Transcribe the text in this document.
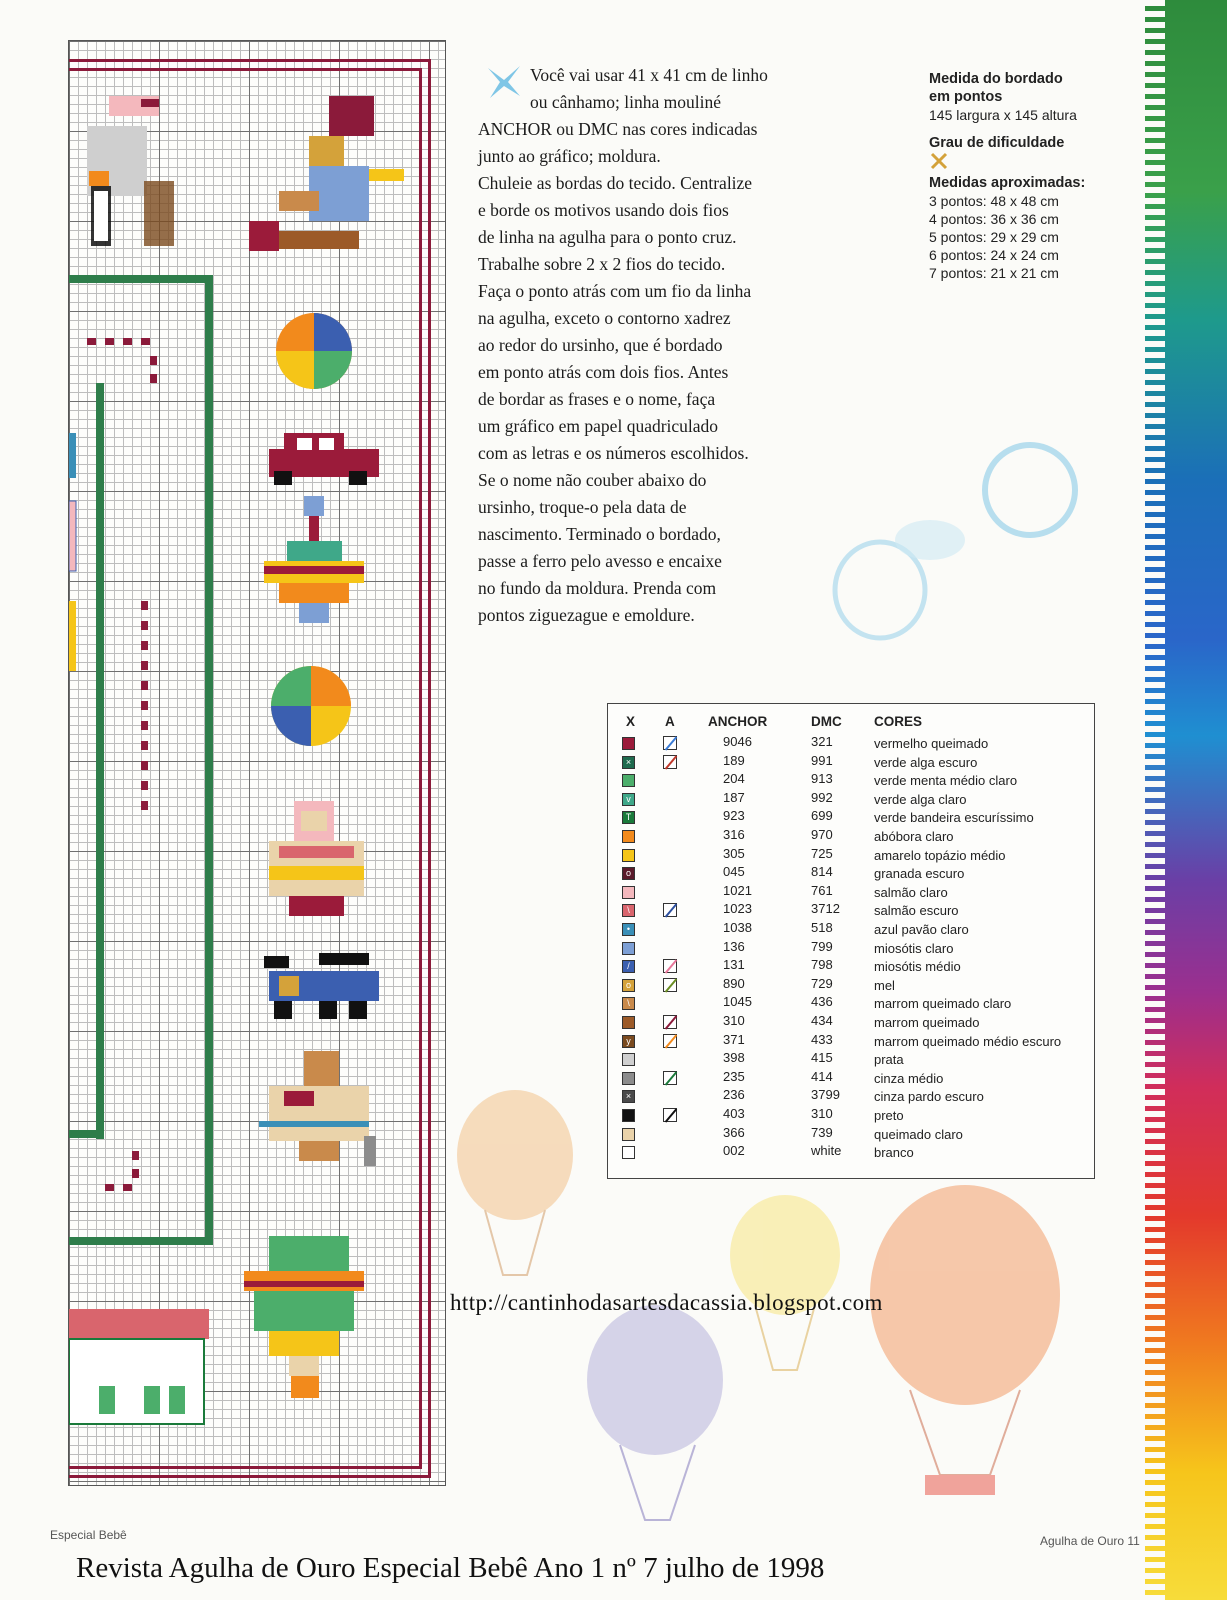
Você vai usar 41 x 41 cm de linho

ou cânhamo; linha mouliné

ANCHOR ou DMC nas cores indicadas

junto ao gráfico; moldura.

Chuleie as bordas do tecido. Centralize

e borde os motivos usando dois fios

de linha na agulha para o ponto cruz.

Trabalhe sobre 2 x 2 fios do tecido.

Faça o ponto atrás com um fio da linha

na agulha, exceto o contorno xadrez

ao redor do ursinho, que é bordado

em ponto atrás com dois fios. Antes

de bordar as frases e o nome, faça

um gráfico em papel quadriculado

com as letras e os números escolhidos.

Se o nome não couber abaixo do

ursinho, troque-o pela data de

nascimento. Terminado o bordado,

passe a ferro pelo avesso e encaixe

no fundo da moldura. Prenda com

pontos ziguezague e emoldure.

Medida do bordado
em pontos
145 largura x 145 altura
Grau de dificuldade
Medidas aproximadas:
3 pontos: 48 x 48 cm
4 pontos: 36 x 36 cm
5 pontos: 29 x 29 cm
6 pontos: 24 x 24 cm
7 pontos: 21 x 21 cm
X A ANCHOR	DMC CORES
9046	321	vermelho queimado
×	189	991	verde alga escuro
204	913	verde menta médio claro
v	187	992	verde alga claro
T	923	699	verde bandeira escuríssimo
316	970	abóbora claro
305	725	amarelo topázio médio
o	045	814	granada escuro
1021	761	salmão claro
\	1023	3712	salmão escuro
•	1038	518	azul pavão claro
136	799	miosótis claro
/	131	798	miosótis médio
o	890	729	mel
\	1045	436	marrom queimado claro
310	434	marrom queimado
y	371	433	marrom queimado médio escuro
398	415	prata
235	414	cinza médio
×	236	3799	cinza pardo escuro
403	310	preto
366	739	queimado claro
002	white	branco
http://cantinhodasartesdacassia.blogspot.com
Especial Bebê	Agulha de Ouro 11
Revista Agulha de Ouro Especial Bebê Ano 1 nº 7 julho de 1998
